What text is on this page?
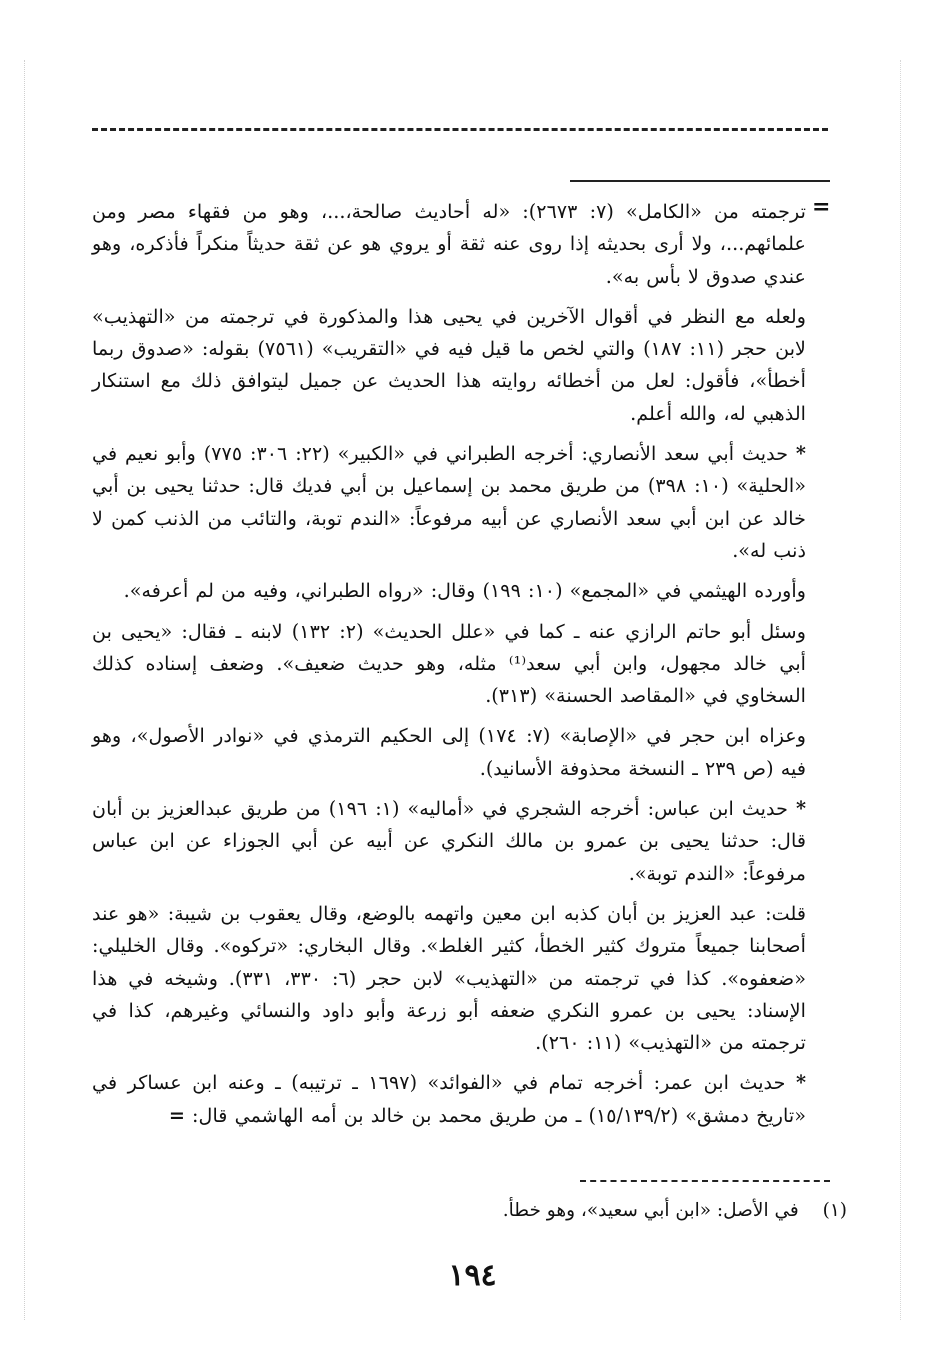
=

ترجمته من «الكامل» (٧: ٢٦٧٣): «له أحاديث صالحة،...، وهو من فقهاء مصر ومن علمائهم...، ولا أرى بحديثه إذا روى عنه ثقة أو يروي هو عن ثقة حديثاً منكراً فأذكره، وهو عندي صدوق لا بأس به».

ولعله مع النظر في أقوال الآخرين في يحيى هذا والمذكورة في ترجمته من «التهذيب» لابن حجر (١١: ١٨٧) والتي لخص ما قيل فيه في «التقريب» (٧٥٦١) بقوله: «صدوق ربما أخطأ»، فأقول: لعل من أخطائه روايته هذا الحديث عن جميل ليتوافق ذلك مع استنكار الذهبي له، والله أعلم.

* حديث أبي سعد الأنصاري: أخرجه الطبراني في «الكبير» (٢٢: ٣٠٦: ٧٧٥) وأبو نعيم في «الحلية» (١٠: ٣٩٨) من طريق محمد بن إسماعيل بن أبي فديك قال: حدثنا يحيى بن أبي خالد عن ابن أبي سعد الأنصاري عن أبيه مرفوعاً: «الندم توبة، والتائب من الذنب كمن لا ذنب له».

وأورده الهيثمي في «المجمع» (١٠: ١٩٩) وقال: «رواه الطبراني، وفيه من لم أعرفه».

وسئل أبو حاتم الرازي عنه ـ كما في «علل الحديث» (٢: ١٣٢) لابنه ـ فقال: «يحيى بن أبي خالد مجهول، وابن أبي سعد⁽¹⁾ مثله، وهو حديث ضعيف». وضعف إسناده كذلك السخاوي في «المقاصد الحسنة» (٣١٣).

وعزاه ابن حجر في «الإصابة» (٧: ١٧٤) إلى الحكيم الترمذي في «نوادر الأصول»، وهو فيه (ص ٢٣٩ ـ النسخة محذوفة الأسانيد).

* حديث ابن عباس: أخرجه الشجري في «أماليه» (١: ١٩٦) من طريق عبدالعزيز بن أبان قال: حدثنا يحيى بن عمرو بن مالك النكري عن أبيه عن أبي الجوزاء عن ابن عباس مرفوعاً: «الندم توبة».

قلت: عبد العزيز بن أبان كذبه ابن معين واتهمه بالوضع، وقال يعقوب بن شيبة: «هو عند أصحابنا جميعاً متروك كثير الخطأ، كثير الغلط». وقال البخاري: «تركوه». وقال الخليلي: «ضعفوه». كذا في ترجمته من «التهذيب» لابن حجر (٦: ٣٣٠، ٣٣١). وشيخه في هذا الإسناد: يحيى بن عمرو النكري ضعفه أبو زرعة وأبو داود والنسائي وغيرهم، كذا في ترجمته من «التهذيب» (١١: ٢٦٠).

* حديث ابن عمر: أخرجه تمام في «الفوائد» (١٦٩٧ ـ ترتيبه) ـ وعنه ابن عساكر في «تاريخ دمشق» (١٥/١٣٩/٢) ـ من طريق محمد بن خالد بن أمه الهاشمي قال: =

(١) في الأصل: «ابن أبي سعيد»، وهو خطأ.
١٩٤
